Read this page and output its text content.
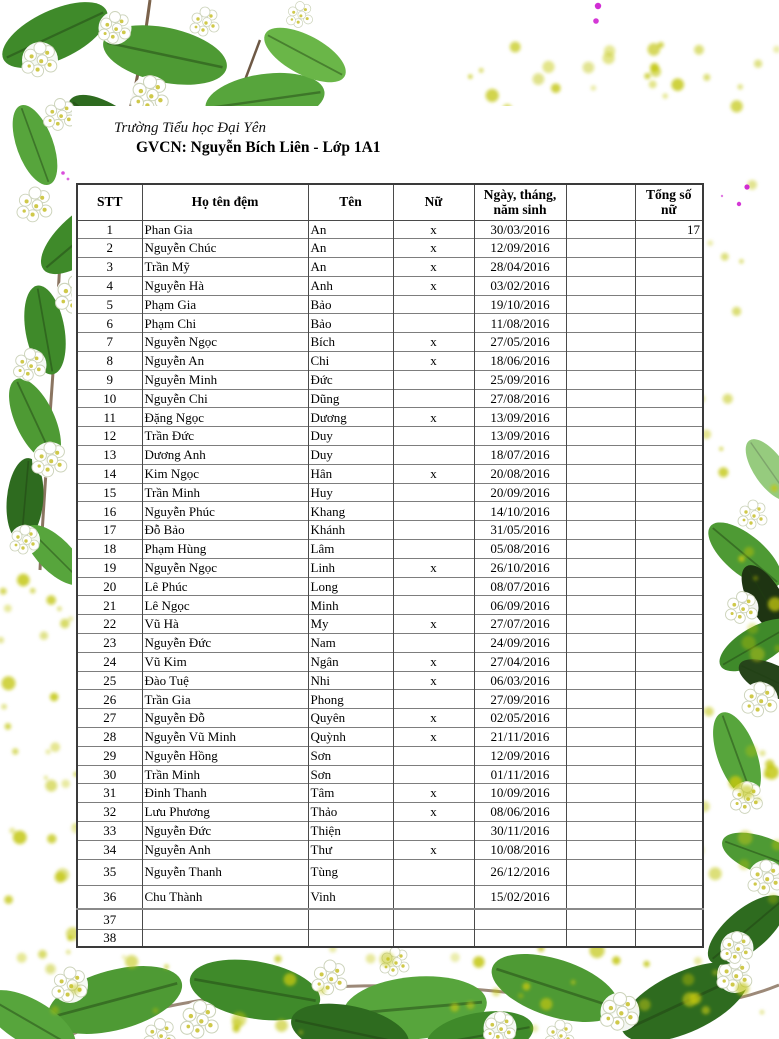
Trường Tiểu học Đại Yên
GVCN: Nguyễn Bích Liên - Lớp 1A1
STT	Họ tên đệm	Tên	Nữ	Ngày, tháng, năm sinh		Tổng số nữ
1	Phan Gia	An	x	30/03/2016		17
2	Nguyễn Chúc	An	x	12/09/2016		
3	Trần Mỹ	An	x	28/04/2016		
4	Nguyễn Hà	Anh	x	03/02/2016		
5	Phạm Gia	Bảo		19/10/2016		
6	Phạm Chi	Bảo		11/08/2016		
7	Nguyễn Ngọc	Bích	x	27/05/2016		
8	Nguyễn An	Chi	x	18/06/2016		
9	Nguyễn Minh	Đức		25/09/2016		
10	Nguyễn Chi	Dũng		27/08/2016		
11	Đặng Ngọc	Dương	x	13/09/2016		
12	Trần Đức	Duy		13/09/2016		
13	Dương Anh	Duy		18/07/2016		
14	Kim Ngọc	Hân	x	20/08/2016		
15	Trần Minh	Huy		20/09/2016		
16	Nguyễn Phúc	Khang		14/10/2016		
17	Đỗ Bảo	Khánh		31/05/2016		
18	Phạm Hùng	Lâm		05/08/2016		
19	Nguyễn Ngọc	Linh	x	26/10/2016		
20	Lê Phúc	Long		08/07/2016		
21	Lê Ngọc	Minh		06/09/2016		
22	Vũ Hà	My	x	27/07/2016		
23	Nguyễn Đức	Nam		24/09/2016		
24	Vũ Kim	Ngân	x	27/04/2016		
25	Đào Tuệ	Nhi	x	06/03/2016		
26	Trần Gia	Phong		27/09/2016		
27	Nguyễn Đỗ	Quyên	x	02/05/2016		
28	Nguyễn Vũ Minh	Quỳnh	x	21/11/2016		
29	Nguyễn Hồng	Sơn		12/09/2016		
30	Trần Minh	Sơn		01/11/2016		
31	Đinh Thanh	Tâm	x	10/09/2016		
32	Lưu Phương	Thảo	x	08/06/2016		
33	Nguyễn Đức	Thiện		30/11/2016		
34	Nguyễn Anh	Thư	x	10/08/2016		
35	Nguyễn Thanh	Tùng		26/12/2016		
36	Chu Thành	Vinh		15/02/2016		
37						
38						
